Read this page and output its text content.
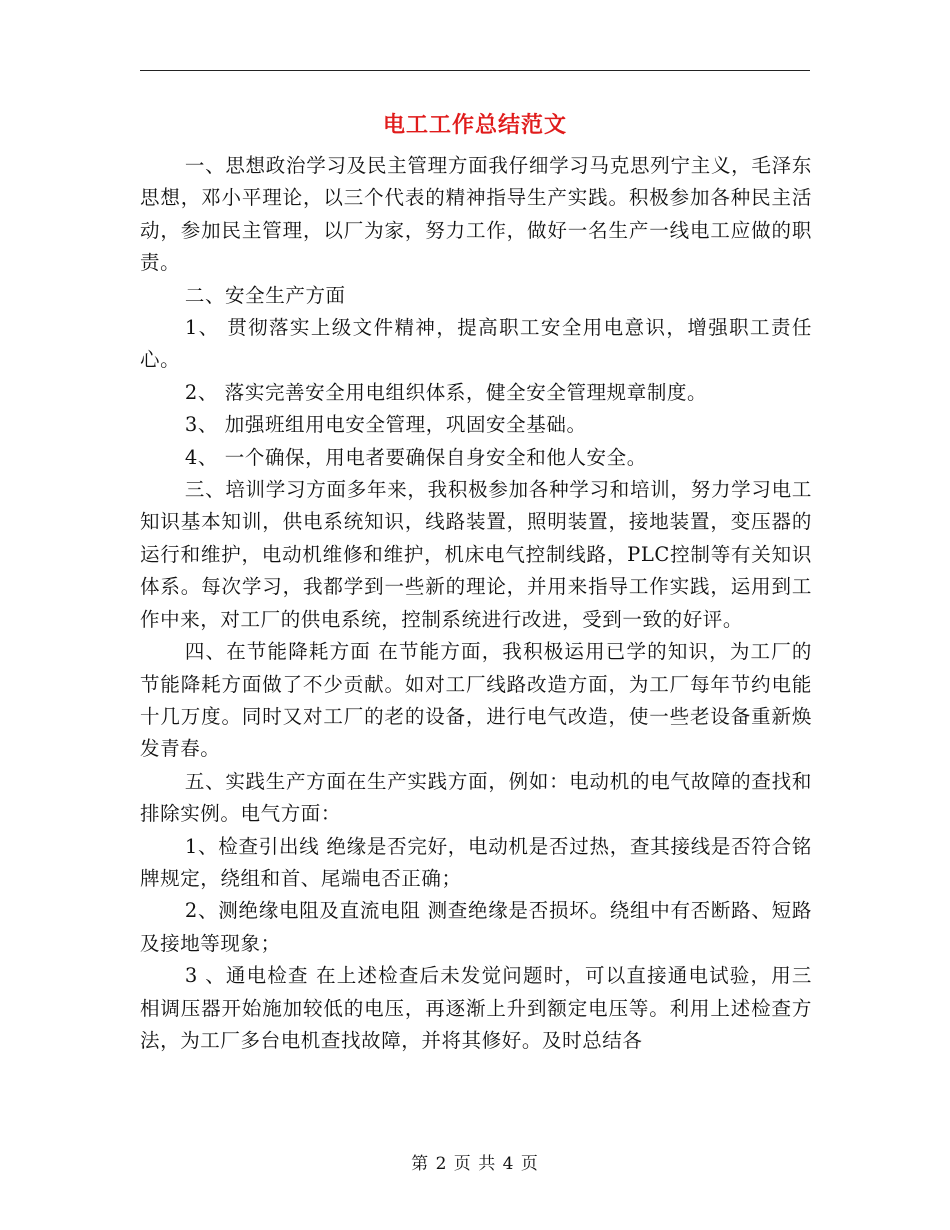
电工工作总结范文

一、思想政治学习及民主管理方面我仔细学习马克思列宁主义，毛泽东思想，邓小平理论，以三个代表的精神指导生产实践。积极参加各种民主活动，参加民主管理，以厂为家，努力工作，做好一名生产一线电工应做的职责。

二、安全生产方面

1、 贯彻落实上级文件精神，提高职工安全用电意识，增强职工责任心。

2、 落实完善安全用电组织体系，健全安全管理规章制度。

3、 加强班组用电安全管理，巩固安全基础。

4、 一个确保，用电者要确保自身安全和他人安全。

三、培训学习方面多年来，我积极参加各种学习和培训，努力学习电工知识基本知训，供电系统知识，线路装置，照明装置，接地装置，变压器的运行和维护，电动机维修和维护，机床电气控制线路，PLC控制等有关知识体系。每次学习，我都学到一些新的理论，并用来指导工作实践，运用到工作中来，对工厂的供电系统，控制系统进行改进，受到一致的好评。

四、在节能降耗方面 在节能方面，我积极运用已学的知识，为工厂的节能降耗方面做了不少贡献。如对工厂线路改造方面，为工厂每年节约电能十几万度。同时又对工厂的老的设备，进行电气改造，使一些老设备重新焕发青春。

五、实践生产方面在生产实践方面，例如：电动机的电气故障的查找和排除实例。电气方面：

1、检查引出线 绝缘是否完好，电动机是否过热，查其接线是否符合铭牌规定，绕组和首、尾端电否正确；

2、测绝缘电阻及直流电阻 测查绝缘是否损坏。绕组中有否断路、短路及接地等现象；

3 、通电检查 在上述检查后未发觉问题时，可以直接通电试验，用三相调压器开始施加较低的电压，再逐渐上升到额定电压等。利用上述检查方法，为工厂多台电机查找故障，并将其修好。及时总结各

第 2 页 共 4 页
